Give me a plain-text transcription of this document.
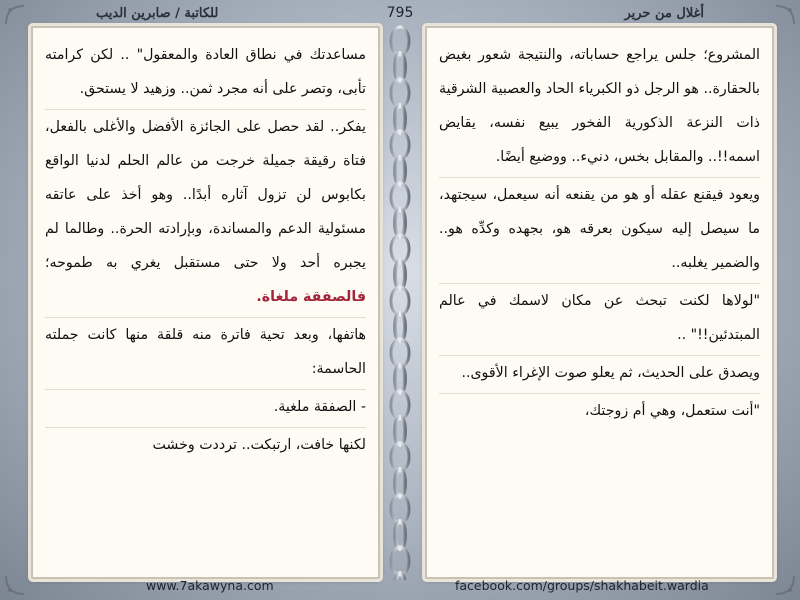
أغلال من حرير
795
للكاتبة / صابرين الديب

مساعدتك في نطاق العادة والمعقول" .. لكن كرامته تأبى، وتصر على أنه مجرد ثمن.. وزهيد لا يستحق.

يفكر.. لقد حصل على الجائزة الأفضل والأغلى بالفعل، فتاة رقيقة جميلة خرجت من عالم الحلم لدنيا الواقع بكابوس لن تزول آثاره أبدًا.. وهو أخذ على عاتقه مسئولية الدعم والمساندة، وبإرادته الحرة.. وطالما لم يجبره أحد ولا حتى مستقبل يغري به طموحه؛ فالصفقة ملغاة.

هاتفها، وبعد تحية فاترة منه قلقة منها كانت جملته الحاسمة:

- الصفقة ملغية.

لكنها خافت، ارتبكت.. ترددت وخشت

المشروع؛ جلس يراجع حساباته، والنتيجة شعور بغيض بالحقارة.. هو الرجل ذو الكبرياء الحاد والعصبية الشرقية ذات النزعة الذكورية الفخور يبيع نفسه، يقايض اسمه!!.. والمقابل بخس، دنيء.. ووضيع أيضًا.

ويعود فيقنع عقله أو هو من يقنعه أنه سيعمل، سيجتهد، ما سيصل إليه سيكون بعرقه هو، بجهده وكدِّه هو.. والضمير يغلبه..

"لولاها لكنت تبحث عن مكان لاسمك في عالم المبتدئين!!" ..

ويصدق على الحديث، ثم يعلو صوت الإغراء الأقوى..

"أنت ستعمل، وهي أم زوجتك،

www.7akawyna.com	facebook.com/groups/shakhabeit.wardia
